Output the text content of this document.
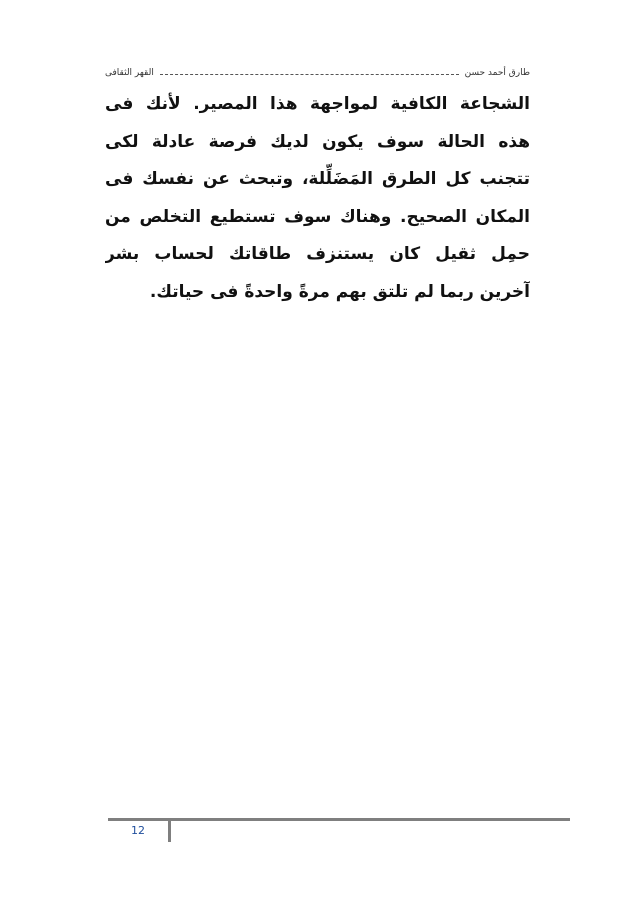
طارق أحمد حسن
القهر الثقافى
الشجاعة الكافية لمواجهة هذا المصير. لأنك فى
هذه الحالة سوف يكون لديك فرصة عادلة لكى
تتجنب كل الطرق المَضَلِّلة، وتبحث عن نفسك فى
المكان الصحيح. وهناك سوف تستطيع التخلص من
حمِل ثقيل كان يستنزف طاقاتك لحساب بشر
آخرين ربما لم تلتق بهم مرةً واحدةً فى حياتك.
12
